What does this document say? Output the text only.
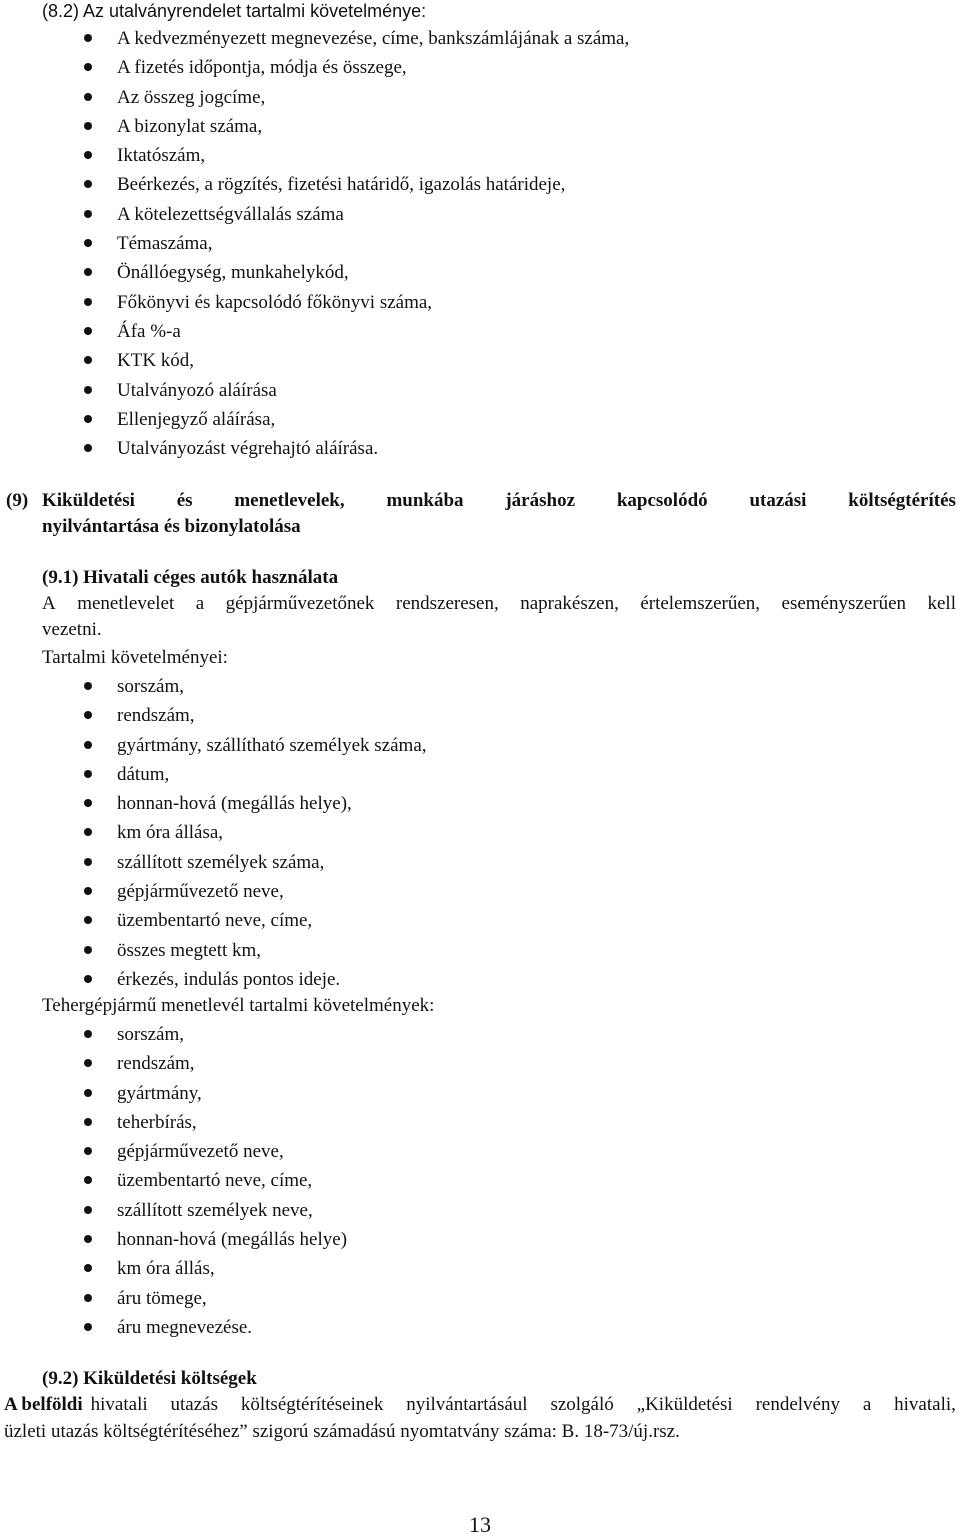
(8.2) Az utalványrendelet tartalmi követelménye:
A kedvezményezett megnevezése, címe, bankszámlájának a száma,
A fizetés időpontja, módja és összege,
Az összeg jogcíme,
A bizonylat száma,
Iktatószám,
Beérkezés, a rögzítés, fizetési határidő, igazolás határideje,
A kötelezettségvállalás száma
Témaszáma,
Önállóegység, munkahelykód,
Főkönyvi és kapcsolódó főkönyvi száma,
Áfa %-a
KTK kód,
Utalványozó aláírása
Ellenjegyző aláírása,
Utalványozást végrehajtó aláírása.
(9) Kiküldetési és menetlevelek, munkába járáshoz kapcsolódó utazási költségtérítés
nyilvántartása és bizonylatolása
(9.1) Hivatali céges autók használata
A menetlevelet a gépjárművezetőnek rendszeresen, naprakészen, értelemszerűen, eseményszerűen kell
vezetni.
Tartalmi követelményei:
sorszám,
rendszám,
gyártmány, szállítható személyek száma,
dátum,
honnan-hová (megállás helye),
km óra állása,
szállított személyek száma,
gépjárművezető neve,
üzembentartó neve, címe,
összes megtett km,
érkezés, indulás pontos ideje.
Tehergépjármű menetlevél tartalmi követelmények:
sorszám,
rendszám,
gyártmány,
teherbírás,
gépjárművezető neve,
üzembentartó neve, címe,
szállított személyek neve,
honnan-hová (megállás helye)
km óra állás,
áru tömege,
áru megnevezése.
(9.2) Kiküldetési költségek
A belföldi hivatali utazás költségtérítéseinek nyilvántartásául szolgáló „Kiküldetési rendelvény a hivatali,
üzleti utazás költségtérítéséhez” szigorú számadású nyomtatvány száma: B. 18-73/új.rsz.
13
